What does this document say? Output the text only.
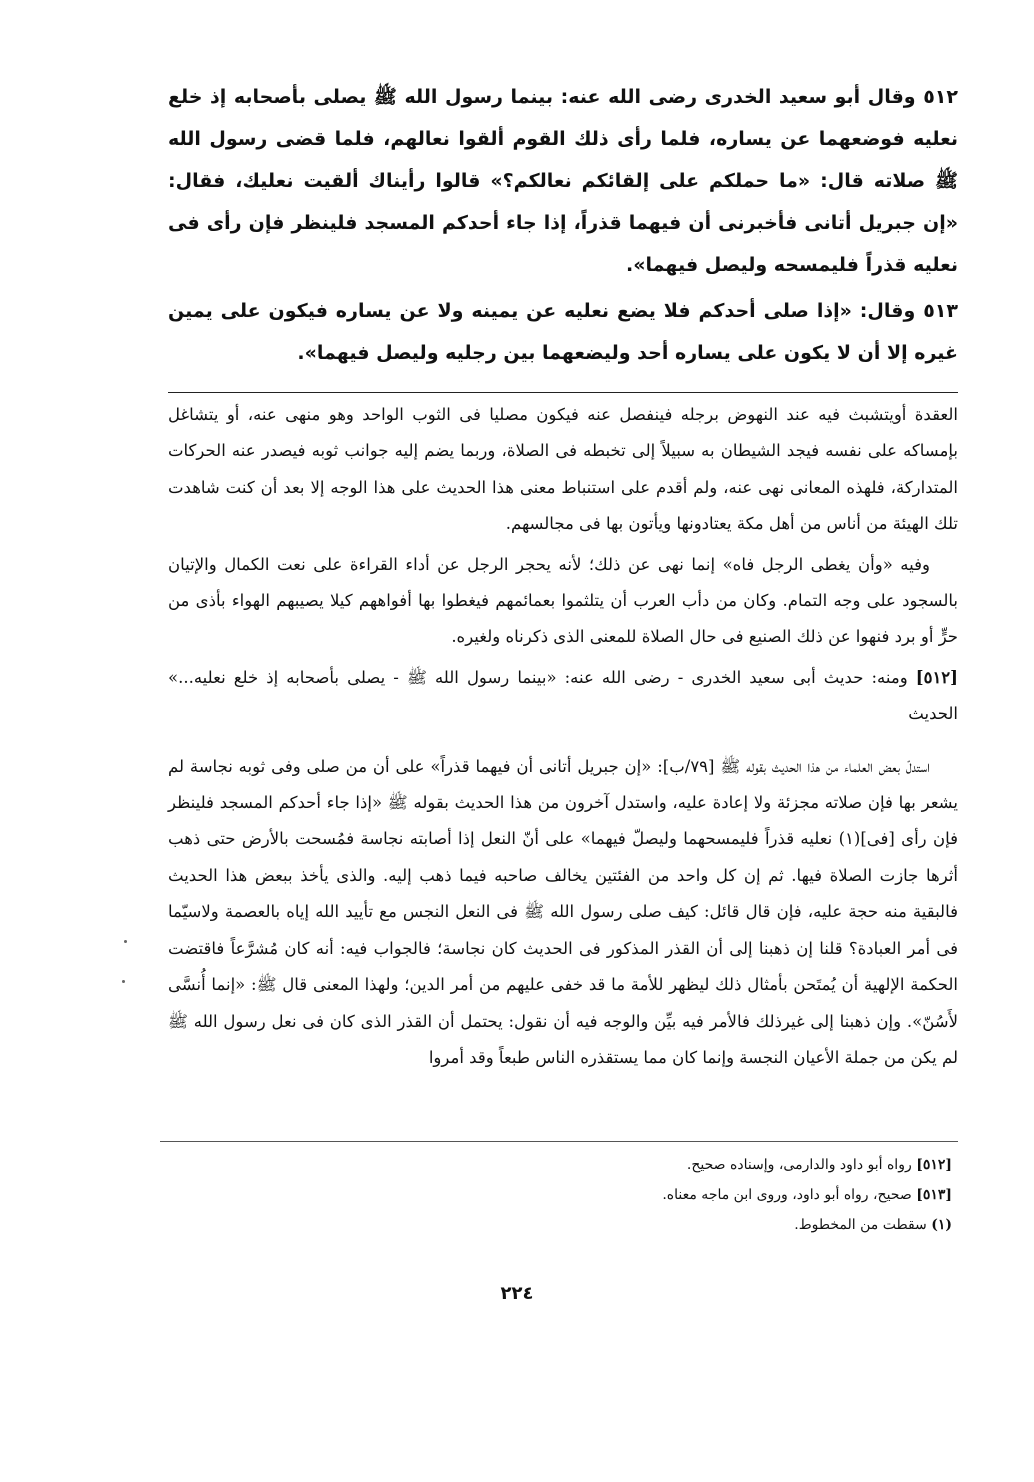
٥١٢ وقال أبو سعيد الخدرى رضى الله عنه: بينما رسول الله ﷺ يصلى بأصحابه إذ خلع نعليه فوضعهما عن يساره، فلما رأى ذلك القوم ألقوا نعالهم، فلما قضى رسول الله ﷺ صلاته قال: «ما حملكم على إلقائكم نعالكم؟» قالوا رأيناك ألقيت نعليك، فقال: «إن جبريل أتانى فأخبرنى أن فيهما قذراً، إذا جاء أحدكم المسجد فلينظر فإن رأى فى نعليه قذراً فليمسحه وليصل فيهما».

٥١٣ وقال: «إذا صلى أحدكم فلا يضع نعليه عن يمينه ولا عن يساره فيكون على يمين غيره إلا أن لا يكون على يساره أحد وليضعهما بين رجليه وليصل فيهما».

العقدة أويتشبث فيه عند النهوض برجله فينفصل عنه فيكون مصليا فى الثوب الواحد وهو منهى عنه، أو يتشاغل بإمساكه على نفسه فيجد الشيطان به سبيلاً إلى تخبطه فى الصلاة، وربما يضم إليه جوانب ثوبه فيصدر عنه الحركات المتداركة، فلهذه المعانى نهى عنه، ولم أقدم على استنباط معنى هذا الحديث على هذا الوجه إلا بعد أن كنت شاهدت تلك الهيئة من أناس من أهل مكة يعتادونها ويأتون بها فى مجالسهم.

وفيه «وأن يغطى الرجل فاه» إنما نهى عن ذلك؛ لأنه يحجر الرجل عن أداء القراءة على نعت الكمال والإتيان بالسجود على وجه التمام. وكان من دأب العرب أن يتلثموا بعمائمهم فيغطوا بها أفواههم كيلا يصيبهم الهواء بأذى من حرٍّ أو برد فنهوا عن ذلك الصنيع فى حال الصلاة للمعنى الذى ذكرناه ولغيره.

[٥١٢] ومنه: حديث أبى سعيد الخدرى - رضى الله عنه: «بينما رسول الله ﷺ - يصلى بأصحابه إذ خلع نعليه...» الحديث

استدلّ بعض العلماء من هذا الحديث بقوله ﷺ [٧٩/ب]: «إن جبريل أتانى أن فيهما قذراً» على أن من صلى وفى ثوبه نجاسة لم يشعر بها فإن صلاته مجزئة ولا إعادة عليه، واستدل آخرون من هذا الحديث بقوله ﷺ «إذا جاء أحدكم المسجد فلينظر فإن رأى [فى](١) نعليه قذراً فليمسحهما وليصلّ فيهما» على أنّ النعل إذا أصابته نجاسة فمُسحت بالأرض حتى ذهب أثرها جازت الصلاة فيها. ثم إن كل واحد من الفئتين يخالف صاحبه فيما ذهب إليه. والذى يأخذ ببعض هذا الحديث فالبقية منه حجة عليه، فإن قال قائل: كيف صلى رسول الله ﷺ فى النعل النجس مع تأييد الله إياه بالعصمة ولاسيّما فى أمر العبادة؟ قلنا إن ذهبنا إلى أن القذر المذكور فى الحديث كان نجاسة؛ فالجواب فيه: أنه كان مُشرَّعاً فاقتضت الحكمة الإلهية أن يُمتَحن بأمثال ذلك ليظهر للأمة ما قد خفى عليهم من أمر الدين؛ ولهذا المعنى قال ﷺ: «إنما أُنسَّى لأَسُنّ». وإن ذهبنا إلى غيرذلك فالأمر فيه بيِّن والوجه فيه أن نقول: يحتمل أن القذر الذى كان فى نعل رسول الله ﷺ لم يكن من جملة الأعيان النجسة وإنما كان مما يستقذره الناس طبعاً وقد أمروا

[٥١٢] رواه أبو داود والدارمى، وإسناده صحيح.
[٥١٣] صحيح، رواه أبو داود، وروى ابن ماجه معناه.
(١) سقطت من المخطوط.
٢٢٤
